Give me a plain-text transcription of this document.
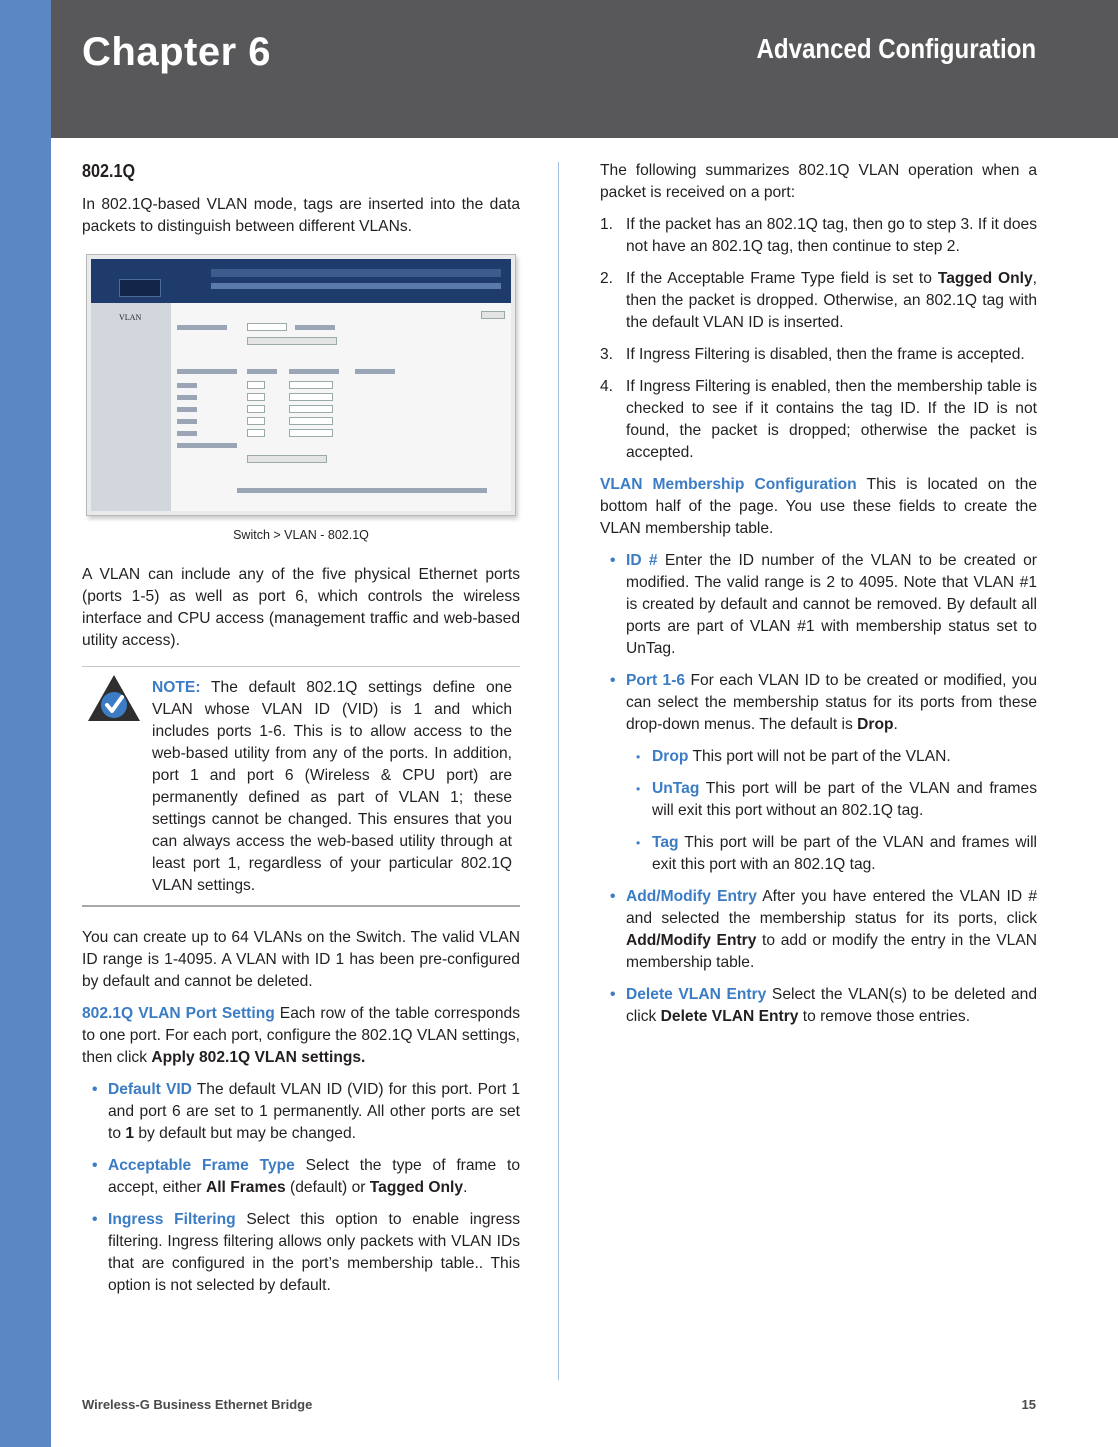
Chapter 6	Advanced Configuration
802.1Q

In 802.1Q-based VLAN mode, tags are inserted into the data packets to distinguish between different VLANs.

VLAN
Switch > VLAN - 802.1Q

A VLAN can include any of the five physical Ethernet ports (ports 1-5) as well as port 6, which controls the wireless interface and CPU access (management traffic and web-based utility access).

NOTE: The default 802.1Q settings define one VLAN whose VLAN ID (VID) is 1 and which includes ports 1-6. This is to allow access to the web-based utility from any of the ports. In addition, port 1 and port 6 (Wireless & CPU port) are permanently defined as part of VLAN 1; these settings cannot be changed. This ensures that you can always access the web-based utility through at least port 1, regardless of your particular 802.1Q VLAN settings.

You can create up to 64 VLANs on the Switch. The valid VLAN ID range is 1-4095. A VLAN with ID 1 has been pre-configured by default and cannot be deleted.

802.1Q VLAN Port Setting Each row of the table corresponds to one port. For each port, configure the 802.1Q VLAN settings, then click Apply 802.1Q VLAN settings.

• Default VID The default VLAN ID (VID) for this port. Port 1 and port 6 are set to 1 permanently. All other ports are set to 1 by default but may be changed.
• Acceptable Frame Type Select the type of frame to accept, either All Frames (default) or Tagged Only.
• Ingress Filtering Select this option to enable ingress filtering. Ingress filtering allows only packets with VLAN IDs that are configured in the port’s membership table.. This option is not selected by default.

The following summarizes 802.1Q VLAN operation when a packet is received on a port:

1. If the packet has an 802.1Q tag, then go to step 3. If it does not have an 802.1Q tag, then continue to step 2.
2. If the Acceptable Frame Type field is set to Tagged Only, then the packet is dropped. Otherwise, an 802.1Q tag with the default VLAN ID is inserted.
3. If Ingress Filtering is disabled, then the frame is accepted.
4. If Ingress Filtering is enabled, then the membership table is checked to see if it contains the tag ID. If the ID is not found, the packet is dropped; otherwise the packet is accepted.

VLAN Membership Configuration This is located on the bottom half of the page. You use these fields to create the VLAN membership table.

• ID # Enter the ID number of the VLAN to be created or modified. The valid range is 2 to 4095. Note that VLAN #1 is created by default and cannot be removed. By default all ports are part of VLAN #1 with membership status set to UnTag.
• Port 1-6 For each VLAN ID to be created or modified, you can select the membership status for its ports from these drop-down menus. The default is Drop.
• Drop This port will not be part of the VLAN.
• UnTag This port will be part of the VLAN and frames will exit this port without an 802.1Q tag.
• Tag This port will be part of the VLAN and frames will exit this port with an 802.1Q tag.
• Add/Modify Entry After you have entered the VLAN ID # and selected the membership status for its ports, click Add/Modify Entry to add or modify the entry in the VLAN membership table.
• Delete VLAN Entry Select the VLAN(s) to be deleted and click Delete VLAN Entry to remove those entries.
Wireless-G Business Ethernet Bridge	15
